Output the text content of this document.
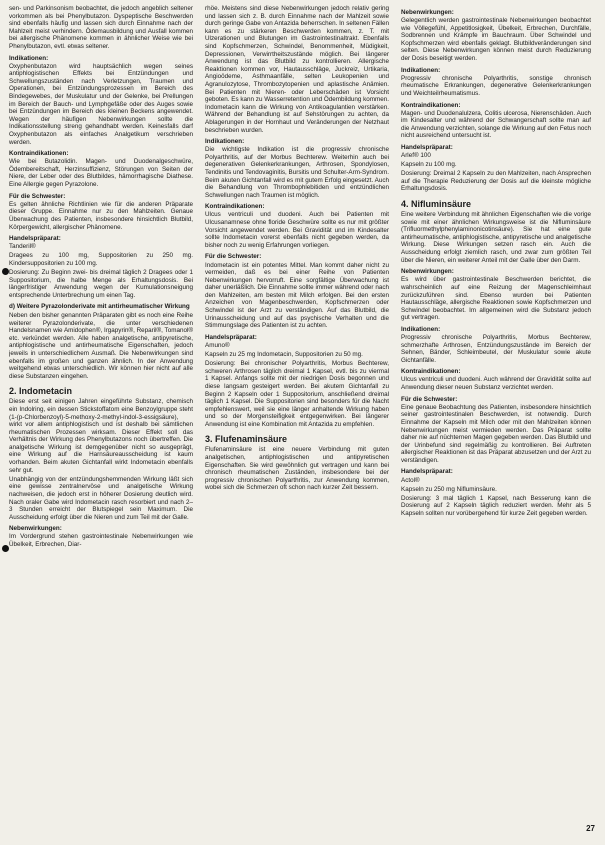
sen- und Parkinsonism beobachtet, die jedoch angeblich seltener vorkommen als bei Phenylbutazon. Dyspeptische Beschwerden sind ebenfalls häufig und lassen sich durch Einnahme nach der Mahlzeit meist verhindern. Ödemausbildung und Ausfall kommen bei allergische Phänomene kommen in ähnlicher Weise wie bei Phenylbutazon, evtl. etwas seltener.

Indikationen:

Oxyphenbutazon wird hauptsächlich wegen seines antiphlogistischen Effekts bei Entzündungen und Schwellungszuständen nach Verletzungen, Traumen und Operationen, bei Entzündungsprozessen im Bereich des Bindegewebes, der Muskulatur und der Gelenke, bei Prellungen im Bereich der Bauch- und Lymphgefäße oder des Auges sowie bei Entzündungen im Bereich des kleinen Beckens angewendet. Wegen der häufigen Nebenwirkungen sollte die Indikationsstellung streng gehandhabt werden. Keinesfalls darf Oxyphenbutazon als einfaches Analgetikum verschrieben werden.

Kontraindikationen:

Wie bei Butazolidin. Magen- und Duodenalgeschwüre, Ödembereitschaft, Herzinsuffizienz, Störungen von Seiten der Niere, der Leber oder des Blutbildes, hämorrhagische Diathese. Eine Allergie gegen Pyrazolone.

Für die Schwester:

Es gelten ähnliche Richtlinien wie für die anderen Präparate dieser Gruppe. Einnahme nur zu den Mahlzeiten. Genaue Überwachung des Patienten, insbesondere hinsichtlich Blutbild, Körpergewicht, allergischer Phänomene.

Handelspräparat:

Tanderil®

Dragees zu 100 mg, Suppositorien zu 250 mg. Kindersuppositorien zu 100 mg.

Dosierung: Zu Beginn zwei- bis dreimal täglich 2 Dragees oder 1 Suppositorium, die halbe Menge als Erhaltungsdosis. Bei längerfristiger Anwendung wegen der Kumulationsneigung entsprechende Unterbrechung um einen Tag.

d) Weitere Pyrazolonderivate mit antirheumatischer Wirkung

Neben den bisher genannten Präparaten gibt es noch eine Reihe weiterer Pyrazolonderivate, die unter verschiedenen Handelsnamen wie Amidophen®, Irgapyrin®, Reparil®, Tomanol® etc. verkündet werden. Alle haben analgetische, antipyretische, antiphlogistische und antirheumatische Eigenschaften, jedoch jeweils in unterschiedlichem Ausmaß. Die Nebenwirkungen sind ebenfalls im großen und ganzen ähnlich. In der Anwendung weitgehend etwas unterschiedlich. Wir können hier nicht auf alle diese Substanzen eingehen.

2. Indometacin

Diese erst seit einigen Jahren eingeführte Substanz, chemisch ein Indolring, ein dessen Stickstoffatom eine Benzoylgruppe steht (1-(p-Chlorbenzoyl)-5-methoxy-2-methyl-indol-3-essigsäure), wirkt vor allem antiphlogistisch und ist deshalb bei sämtlichen rheumatischen Prozessen wirksam. Dieser Effekt soll das Verhältnis der Wirkung des Phenylbutazons noch übertreffen. Die analgetische Wirkung ist demgegenüber nicht so ausgeprägt, eine Wirkung auf die Harnsäureausscheidung ist kaum vorhanden. Beim akuten Gichtanfall wirkt Indometacin ebenfalls sehr gut.

Unabhängig von der entzündungshemmenden Wirkung läßt sich eine gewisse zentralnervöse und analgetische Wirkung nachweisen, die jedoch erst in höherer Dosierung deutlich wird. Nach oraler Gabe wird Indometacin rasch resorbiert und nach 2–3 Stunden erreicht der Blutspiegel sein Maximum. Die Ausscheidung erfolgt über die Nieren und zum Teil mit der Galle.

Nebenwirkungen:

Im Vordergrund stehen gastrointestinale Nebenwirkungen wie Übelkeit, Erbrechen, Diar-

rhöe. Meistens sind diese Nebenwirkungen jedoch relativ gering und lassen sich z. B. durch Einnahme nach der Mahlzeit sowie durch geringe Gabe von Antazida beherrschen. In seltenen Fällen kann es zu stärkeren Beschwerden kommen, z. T. mit Ulzerationen und Blutungen im Gastrointestinaltrakt. Ebenfalls sind Kopfschmerzen, Schwindel, Benommenheit, Müdigkeit, Depressionen, Verwirrtheitszustände möglich. Bei längerer Anwendung ist das Blutbild zu kontrollieren. Allergische Reaktionen kommen vor, Hautausschläge, Juckreiz, Urtikaria, Angioödeme, Asthmaanfälle, selten Leukopenien und Agranulozytose, Thrombozytopenien und aplastische Anämien. Bei Patienten mit Nieren- oder Leberschäden ist Vorsicht geboten. Es kann zu Wasserretention und Ödembildung kommen. Indometacin kann die Wirkung von Antikoagulantien verstärken. Während der Behandlung ist auf Sehstörungen zu achten, da Ablagerungen in der Hornhaut und Veränderungen der Netzhaut beschrieben wurden.

Indikationen:

Die wichtigste Indikation ist die progressiv chronische Polyarthritis, auf der Morbus Bechterew. Weiterhin auch bei degenerativen Gelenkerkrankungen, Arthrosen, Spondylosen, Tendinitis und Tendovaginitis, Bursitis und Schulter-Arm-Syndrom. Beim akuten Gichtanfall wird es mit gutem Erfolg eingesetzt. Auch die Behandlung von Thrombophlebitiden und entzündlichen Schwellungen nach Traumen ist möglich.

Kontraindikationen:

Ulcus ventriculi und duodeni. Auch bei Patienten mit Ulcusanamnese ohne floride Geschwüre sollte es nur mit größter Vorsicht angewendet werden. Bei Gravidität und im Kindesalter sollte Indometacin vorerst ebenfalls nicht gegeben werden, da bisher noch zu wenig Erfahrungen vorliegen.

Für die Schwester:

Indometacin ist ein potentes Mittel. Man kommt daher nicht zu vermeiden, daß es bei einer Reihe von Patienten Nebenwirkungen hervorruft. Eine sorgfältige Überwachung ist daher unerläßlich. Die Einnahme sollte immer während oder nach den Mahlzeiten, am besten mit Milch erfolgen. Bei den ersten Anzeichen von Magenbeschwerden, Kopfschmerzen oder Schwindel ist der Arzt zu verständigen. Auf das Blutbild, die Urinausscheidung und auf das psychische Verhalten und die Stimmungslage des Patienten ist zu achten.

Handelspräparat:

Amuno®

Kapseln zu 25 mg Indometacin, Suppositorien zu 50 mg.

Dosierung: Bei chronischer Polyarthritis, Morbus Bechterew, schweren Arthrosen täglich dreimal 1 Kapsel, evtl. bis zu viermal 1 Kapsel. Anfangs sollte mit der niedrigen Dosis begonnen und diese langsam gesteigert werden. Bei akutem Gichtanfall zu Beginn 2 Kapseln oder 1 Suppositorium, anschließend dreimal täglich 1 Kapsel. Die Suppositorien sind besonders für die Nacht empfehlenswert, weil sie eine länger anhaltende Wirkung haben und so der Morgensteifigkeit entgegenwirken. Bei längerer Anwendung ist eine Kombination mit Antazida zu empfehlen.

3. Flufenaminsäure

Flufenaminsäure ist eine neuere Verbindung mit guten analgetischen, antiphlogistischen und antipyretischen Eigenschaften. Sie wird gewöhnlich gut vertragen und kann bei chronisch rheumatischen Zuständen, insbesondere bei der progressiv chronischen Polyarthritis, zur Anwendung kommen, wobei sich die Schmerzen oft schon nach kurzer Zeit bessern.

Nebenwirkungen:

Gelegentlich werden gastrointestinale Nebenwirkungen beobachtet wie Völlegefühl, Appetitlosigkeit, Übelkeit, Erbrechen, Durchfälle, Sodbrennen und Krämpfe im Bauchraum. Über Schwindel und Kopfschmerzen wird ebenfalls geklagt. Blutbildveränderungen sind selten. Diese Nebenwirkungen können meist durch Reduzierung der Dosis beseitigt werden.

Indikationen:

Progressiv chronische Polyarthritis, sonstige chronisch rheumatische Erkrankungen, degenerative Gelenkerkrankungen und Weichteilrheumatismus.

Kontraindikationen:

Magen- und Duodenalulzera, Colitis ulcerosa, Nierenschäden. Auch im Kindesalter und während der Schwangerschaft sollte man auf die Anwendung verzichten, solange die Wirkung auf den Fetus noch nicht ausreichend untersucht ist.

Handelspräparat:

Arlef® 100

Kapseln zu 100 mg.

Dosierung: Dreimal 2 Kapseln zu den Mahlzeiten, nach Ansprechen auf die Therapie Reduzierung der Dosis auf die kleinste mögliche Erhaltungsdosis.

4. Nifluminsäure

Eine weitere Verbindung mit ähnlichen Eigenschaften wie die vorige sowie mit einer ähnlichen Wirkungsweise ist die Nifluminsäure (Trifluormethylphenylaminonicotinsäure). Sie hat eine gute antirheumatische, antiphlogistische, antipyretische und analgetische Wirkung. Diese Wirkungen setzen rasch ein. Auch die Ausscheidung erfolgt ziemlich rasch, und zwar zum größten Teil über die Nieren, ein weiterer Anteil mit der Galle über den Darm.

Nebenwirkungen:

Es wird über gastrointestinale Beschwerden berichtet, die wahrscheinlich auf eine Reizung der Magenschleimhaut zurückzuführen sind. Ebenso wurden bei Patienten Hautausschläge, allergische Reaktionen sowie Kopfschmerzen und Schwindel beobachtet. Im allgemeinen wird die Substanz jedoch gut vertragen.

Indikationen:

Progressiv chronische Polyarthritis, Morbus Bechterew, schmerzhafte Arthrosen, Entzündungszustände im Bereich der Sehnen, Bänder, Schleimbeutel, der Muskulatur sowie akute Gichtanfälle.

Kontraindikationen:

Ulcus ventriculi und duodeni. Auch während der Gravidität sollte auf Anwendung dieser neuen Substanz verzichtet werden.

Für die Schwester:

Eine genaue Beobachtung des Patienten, insbesondere hinsichtlich seiner gastrointestinalen Beschwerden, ist notwendig. Durch Einnahme der Kapseln mit Milch oder mit den Mahlzeiten können Nebenwirkungen meist vermieden werden. Das Präparat sollte daher nie auf nüchternen Magen gegeben werden. Das Blutbild und der Urinbefund sind regelmäßig zu kontrollieren. Bei Auftreten allergischer Reaktionen ist das Präparat abzusetzen und der Arzt zu verständigen.

Handelspräparat:

Actol®

Kapseln zu 250 mg Nifluminsäure.

Dosierung: 3 mal täglich 1 Kapsel, nach Besserung kann die Dosierung auf 2 Kapseln täglich reduziert werden. Mehr als 5 Kapseln sollten nur vorübergehend für kurze Zeit gegeben werden.

27
